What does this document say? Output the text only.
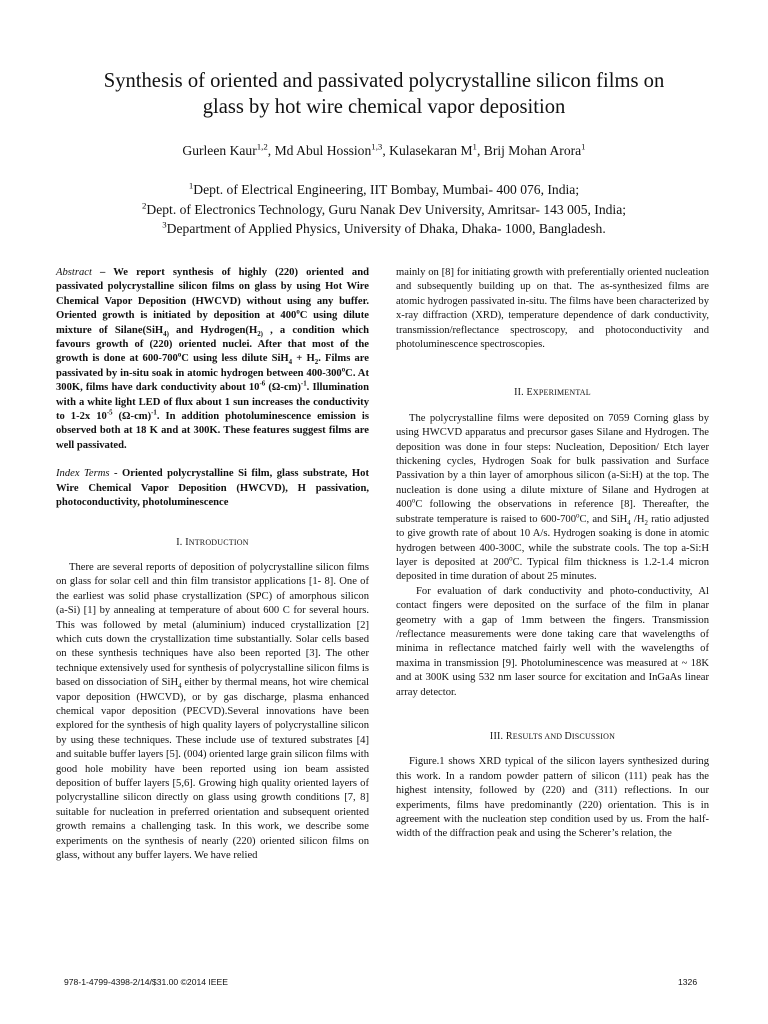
Synthesis of oriented and passivated polycrystalline silicon films on
glass by hot wire chemical vapor deposition
Gurleen Kaur$^{1,2}$, Md Abul Hossion$^{1,3}$, Kulasekaran $M^1$, Brij Mohan Arora$^1$
$^1$Dept. of Electrical Engineering, IIT Bombay, Mumbai- 400 076, India;
$^2$Dept. of Electronics Technology, Guru Nanak Dev University, Amritsar- 143 005, India;
$^3$Department of Applied Physics, University of Dhaka, Dhaka- 1000, Bangladesh.

Abstract – We report synthesis of highly (220) oriented and passivated polycrystalline silicon films on glass by using Hot Wire Chemical Vapor Deposition (HWCVD) without using any buffer. Oriented growth is initiated by deposition at 400$^o$C using dilute mixture of Silane(SiH$_{4)}$ and $Hydrogen(H_{2)}$ , a condition which favours growth of (220) oriented nuclei. After that most of the growth is done at 600-700$^o$C using less dilute $SiH_4 + H_2$. Films are passivated by in-situ soak in atomic hydrogen between 400-300$^o$C. At 300K, films have dark conductivity about $10^{-6}$ $(\Omega-cm)^{-1}$. Illumination with a white light LED of flux about 1 sun increases the conductivity to 1-2x $10^{-5}$ $(\Omega-cm)^{-1}$. In addition photoluminescence emission is observed both at 18 K and at 300K. These features suggest films are well passivated.

Index Terms - Oriented polycrystalline Si film, glass substrate, Hot Wire Chemical Vapor Deposition (HWCVD), H passivation, photoconductivity, photoluminescence

I. INTRODUCTION

There are several reports of deposition of polycrystalline silicon films on glass for solar cell and thin film transistor applications [1- 8]. One of the earliest was solid phase crystallization (SPC) of amorphous silicon (a-Si) [1] by annealing at temperature of about 600 C for several hours. This was followed by metal (aluminium) induced crystallization [2] which cuts down the crystallization time substantially. Solar cells based on these synthesis techniques have also been reported [3]. The other technique extensively used for synthesis of polycrystalline silicon films is based on dissociation of SiH$_4$ either by thermal means, hot wire chemical vapor deposition (HWCVD), or by gas discharge, plasma enhanced chemical vapor deposition (PECVD).Several innovations have been explored for the synthesis of high quality layers of polycrystalline silicon by using these techniques. These include use of textured substrates [4] and suitable buffer layers [5]. (004) oriented large grain silicon films with good hole mobility have been reported using ion beam assisted deposition of buffer layers [5,6]. Growing high quality oriented layers of polycrystalline silicon directly on glass using growth conditions [7, 8] suitable for nucleation in preferred orientation and subsequent oriented growth remains a challenging task. In this work, we describe some experiments on the synthesis of nearly (220) oriented silicon films on glass, without any buffer layers. We have relied

mainly on [8] for initiating growth with preferentially oriented nucleation and subsequently building up on that. The as-synthesized films are atomic hydrogen passivated in-situ. The films have been characterized by x-ray diffraction (XRD), temperature dependence of dark conductivity, transmission/reflectance spectroscopy, and photoconductivity and photoluminescence spectroscopies.

II. EXPERIMENTAL

The polycrystalline films were deposited on 7059 Corning glass by using HWCVD apparatus and precursor gases Silane and Hydrogen. The deposition was done in four steps: Nucleation, Deposition/ Etch layer thickening cycles, Hydrogen Soak for bulk passivation and Surface Passivation by a thin layer of amorphous silicon (a-Si:H) at the top. The nucleation is done using a dilute mixture of Silane and Hydrogen at 400$^o$C following the observations in reference [8]. Thereafter, the substrate temperature is raised to 600-700$^o$C, and SiH$_4$ $/H_2$ ratio adjusted to give growth rate of about 10 A/s. Hydrogen soaking is done in atomic hydrogen between 400-300C, while the substrate cools. The top a-Si:H layer is deposited at 200$^o$C. Typical film thickness is 1.2-1.4 micron deposited in time duration of about 25 minutes.

For evaluation of dark conductivity and photo-conductivity, Al contact fingers were deposited on the surface of the film in planar geometry with a gap of 1mm between the fingers. Transmission /reflectance measurements were done taking care that wavelengths of minima in reflectance matched fairly well with the wavelengths of maxima in transmission [9]. Photoluminescence was measured at ~ 18K and at 300K using 532 nm laser source for excitation and InGaAs linear array detector.

III. RESULTS AND DISCUSSION

Figure.1 shows XRD typical of the silicon layers synthesized during this work. In a random powder pattern of silicon (111) peak has the highest intensity, followed by (220) and (311) reflections. In our experiments, films have predominantly (220) orientation. This is in agreement with the nucleation step condition used by us. From the half-width of the diffraction peak and using the Scherer’s relation, the

978-1-4799-4398-2/14/$31.00 ©2014 IEEE	1326
